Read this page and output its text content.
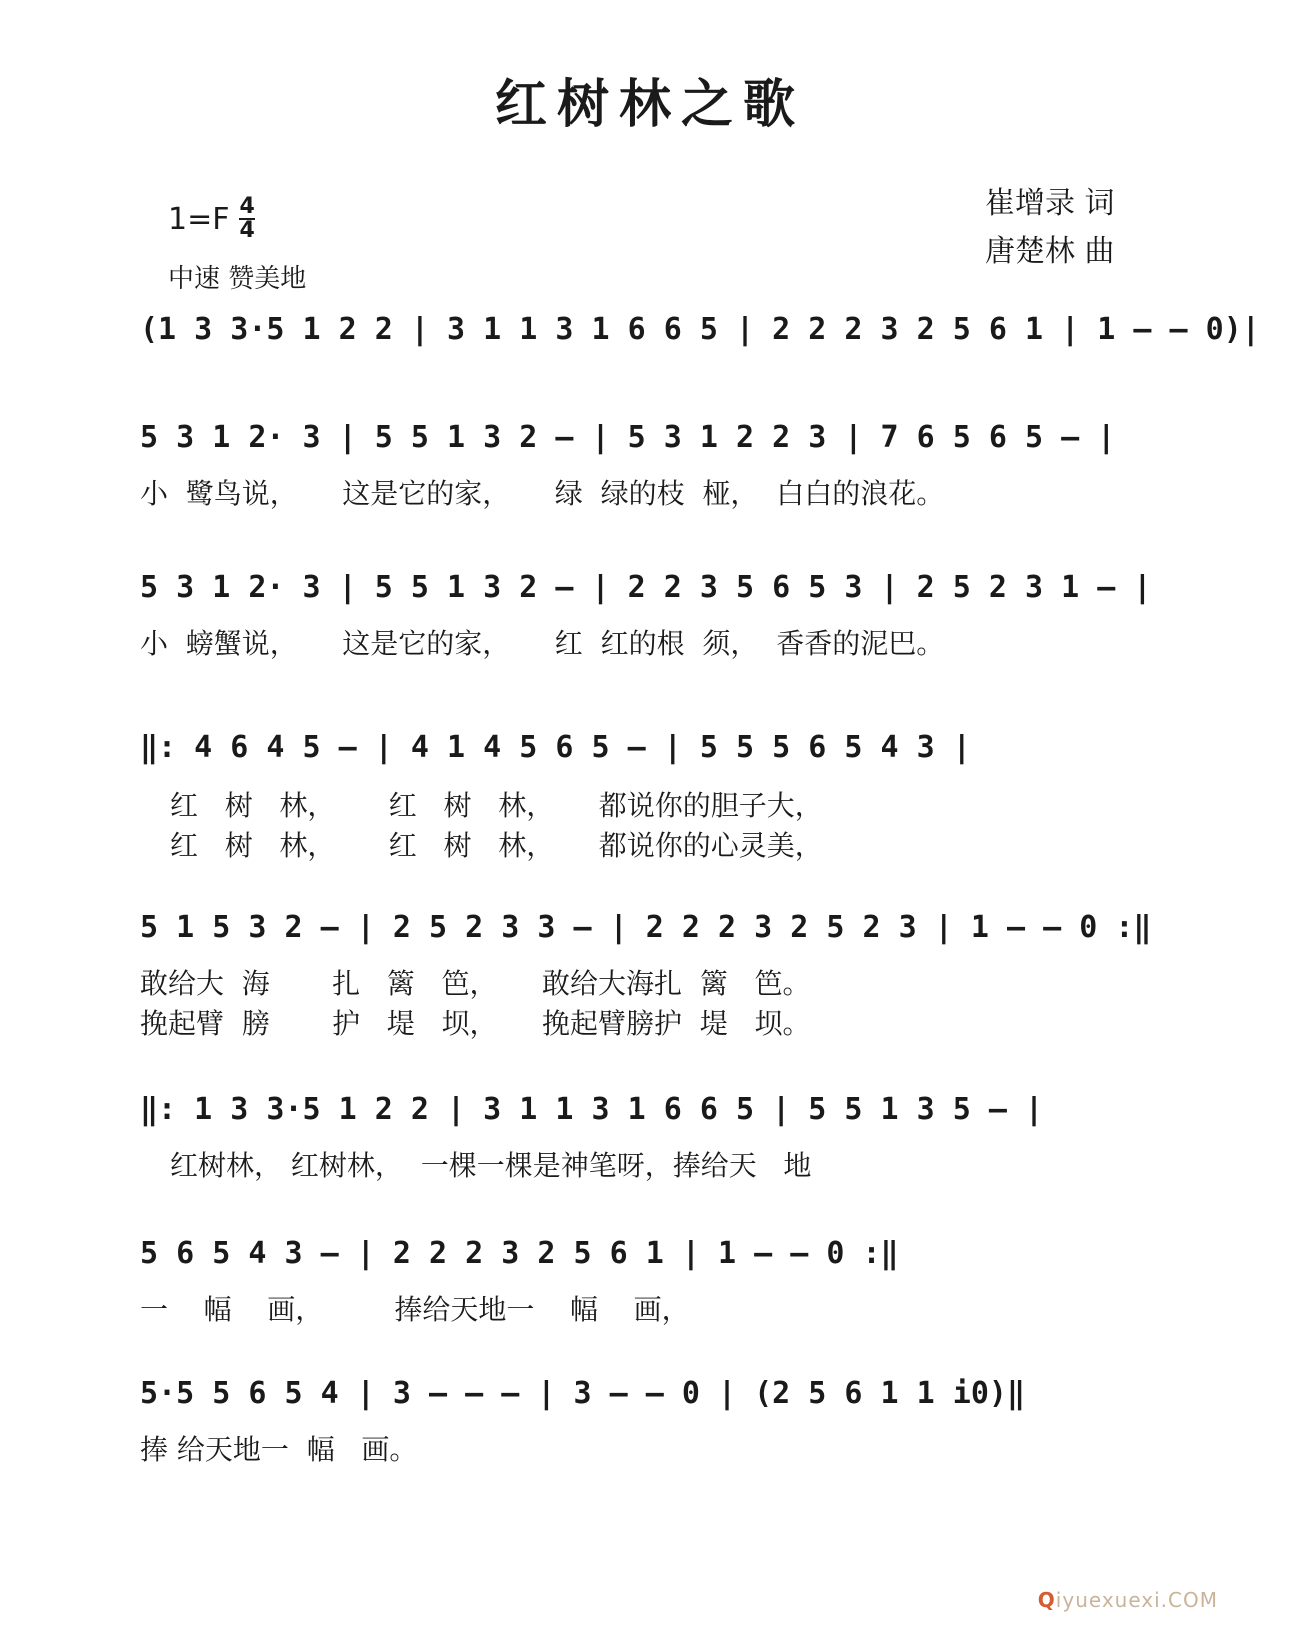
红树林之歌
$1=F \frac{4}{4}$
中速 赞美地
崔增录 词
唐楚林 曲
(1 3 3·5 1 2 2 | 3 1 1 3 1 6 6 5 | 2 2 2 3 2 5 6 1 | 1 – – 0)|
5 3 1 2· 3 | 5 5 1 3 2 – | 5 3 1 2 2 3 | 7 6 5 6 5 – |
小  鹭鸟说，     这是它的家，     绿  绿的枝  桠，  白白的浪花。
5 3 1 2· 3 | 5 5 1 3 2 – | 2 2 3 5 6 5 3 | 2 5 2 3 1 – |
小  螃蟹说，     这是它的家，     红  红的根  须，  香香的泥巴。
‖: 4 6 4 5 – | 4 1 4 5 6 5 – | 5 5 5 6 5 4 3 |
红   树   林，      红   树   林，     都说你的胆子大，
红   树   林，      红   树   林，     都说你的心灵美，
5 1 5 3 2 – | 2 5 2 3 3 – | 2 2 2 3 2 5 2 3 | 1 – – 0 :‖
敢给大  海       扎   篱   笆，     敢给大海扎  篱   笆。
挽起臂  膀       护   堤   坝，     挽起臂膀护  堤   坝。
‖: 1 3 3·5 1 2 2 | 3 1 1 3 1 6 6 5 | 5 5 1 3 5 – |
红树林， 红树林，  一棵一棵是神笔呀，捧给天   地
5 6 5 4 3 – | 2 2 2 3 2 5 6 1 | 1 – – 0 :‖
一    幅    画，        捧给天地一    幅    画，
5·5 5 6 5 4 | 3 – – – | 3 – – 0 | (2 5 6 1 1 i0)‖
捧 给天地一  幅   画。
Qiyuexuexi.COM
